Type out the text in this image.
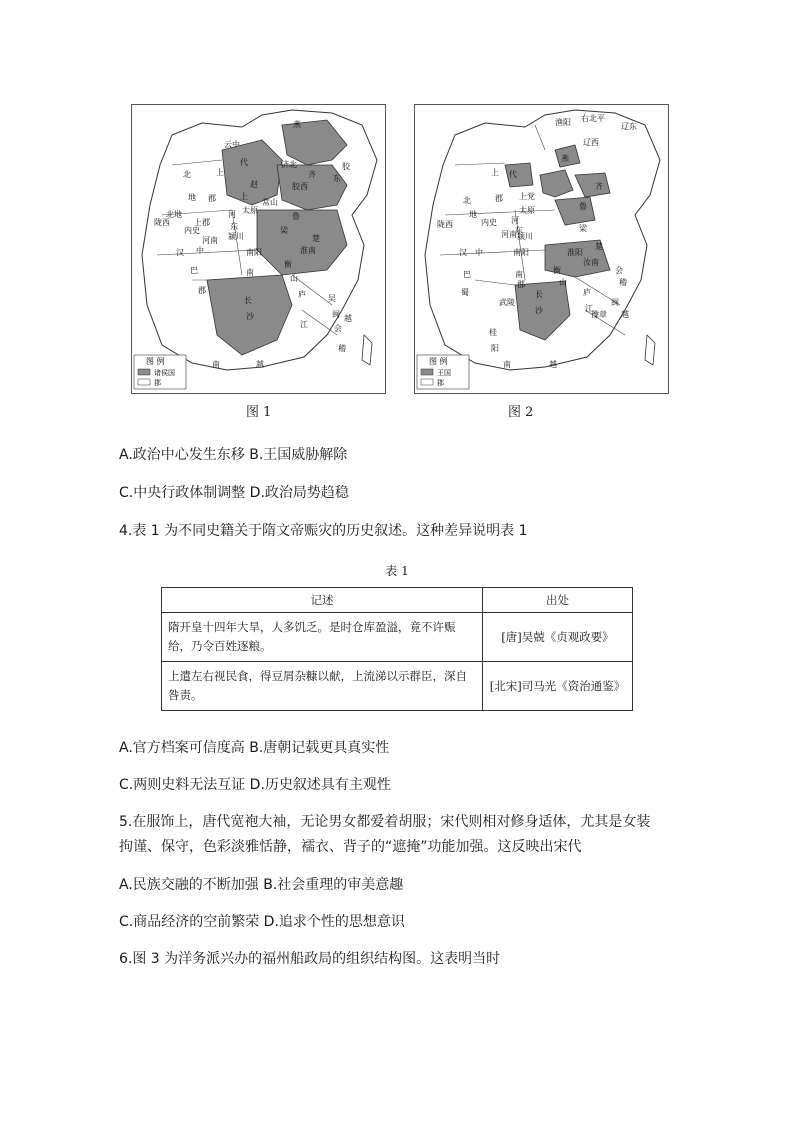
图 例
诸侯国
郡
燕
代
云中
北	上
地 郡
赵
济北
齐 东
胶
胶西
上
太原
河
东
常山
鲁
梁
楚
淮南
陇西
北地
内史
上郡
河南 颍川
南阳
汉 中
南
巴
郡
衡
山
长
沙
庐
江
吴
会
稽
闽 越
南	越
图 1
图 例
王国
郡
渔阳 右北平
辽西
辽东
燕
代
上
北
地
郡
太原
上党
河
东
齐
鲁
梁
楚
淮阳
汝南
陇西	内史
河南 颍川
南阳
汉 中
南
郡
巴
蜀
衡
山
豫章
武陵
长
沙
庐
江
会
稽
桂
阳
闽
越
南	越
图 2
A.政治中心发生东移 B.王国威胁解除
C.中央行政体制调整 D.政治局势趋稳
4.表 1 为不同史籍关于隋文帝赈灾的历史叙述。这种差异说明表 1
表 1
记述	出处
隋开皇十四年大旱，人多饥乏。是时仓库盈溢，竟不许赈给，乃令百姓逐粮。	[唐]吴兢《贞观政要》
上遣左右视民食，得豆屑杂糠以献，上流涕以示群臣，深自咎责。	[北宋]司马光《资治通鉴》
A.官方档案可信度高 B.唐朝记载更具真实性
C.两则史料无法互证 D.历史叙述具有主观性
5.在服饰上，唐代宽袍大袖，无论男女都爱着胡服；宋代则相对修身适体，尤其是女装
拘谨、保守，色彩淡雅恬静，襦衣、背子的“遮掩”功能加强。这反映出宋代
A.民族交融的不断加强 B.社会重理的审美意趣
C.商品经济的空前繁荣 D.追求个性的思想意识
6.图 3 为洋务派兴办的福州船政局的组织结构图。这表明当时
